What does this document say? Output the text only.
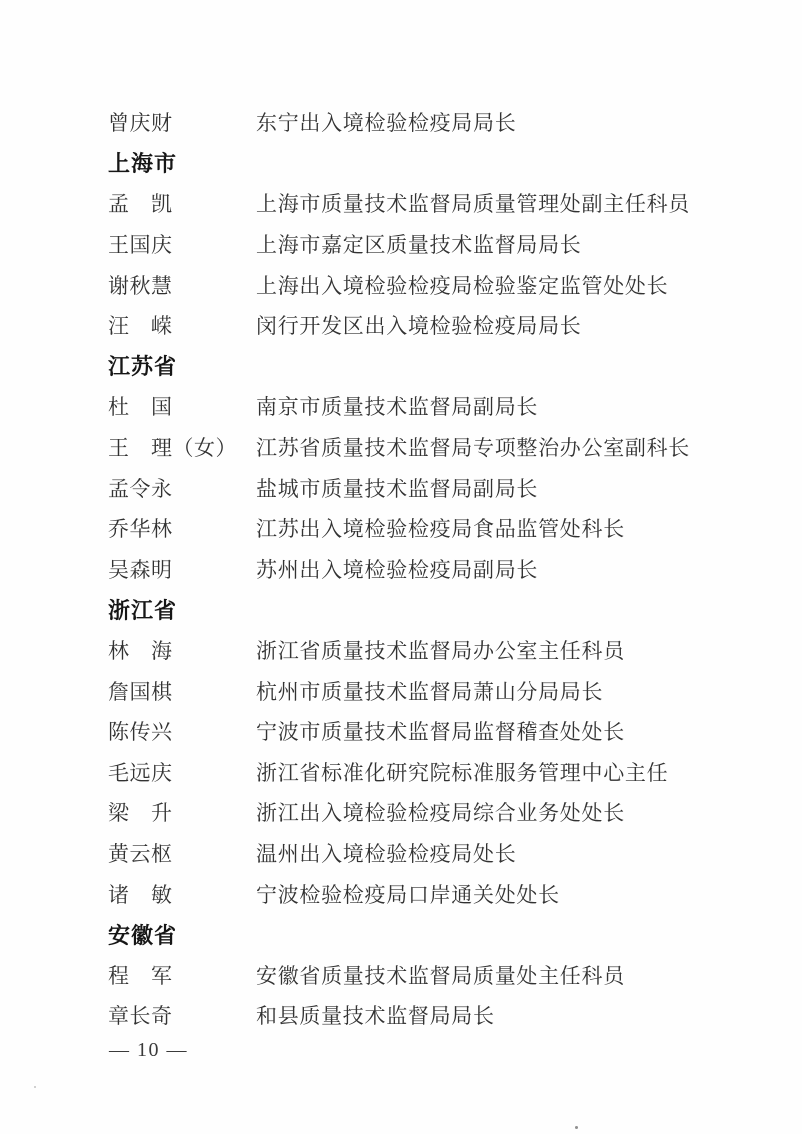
曾庆财	东宁出入境检验检疫局局长
上海市
孟　凯	上海市质量技术监督局质量管理处副主任科员
王国庆	上海市嘉定区质量技术监督局局长
谢秋慧	上海出入境检验检疫局检验鉴定监管处处长
汪　嵘	闵行开发区出入境检验检疫局局长
江苏省
杜　国	南京市质量技术监督局副局长
王　理（女） 江苏省质量技术监督局专项整治办公室副科长
孟令永	盐城市质量技术监督局副局长
乔华林	江苏出入境检验检疫局食品监管处科长
吴森明	苏州出入境检验检疫局副局长
浙江省
林　海	浙江省质量技术监督局办公室主任科员
詹国棋	杭州市质量技术监督局萧山分局局长
陈传兴	宁波市质量技术监督局监督稽查处处长
毛远庆	浙江省标准化研究院标准服务管理中心主任
梁　升	浙江出入境检验检疫局综合业务处处长
黄云枢	温州出入境检验检疫局处长
诸　敏	宁波检验检疫局口岸通关处处长
安徽省
程　军	安徽省质量技术监督局质量处主任科员
章长奇	和县质量技术监督局局长
— 10 —
